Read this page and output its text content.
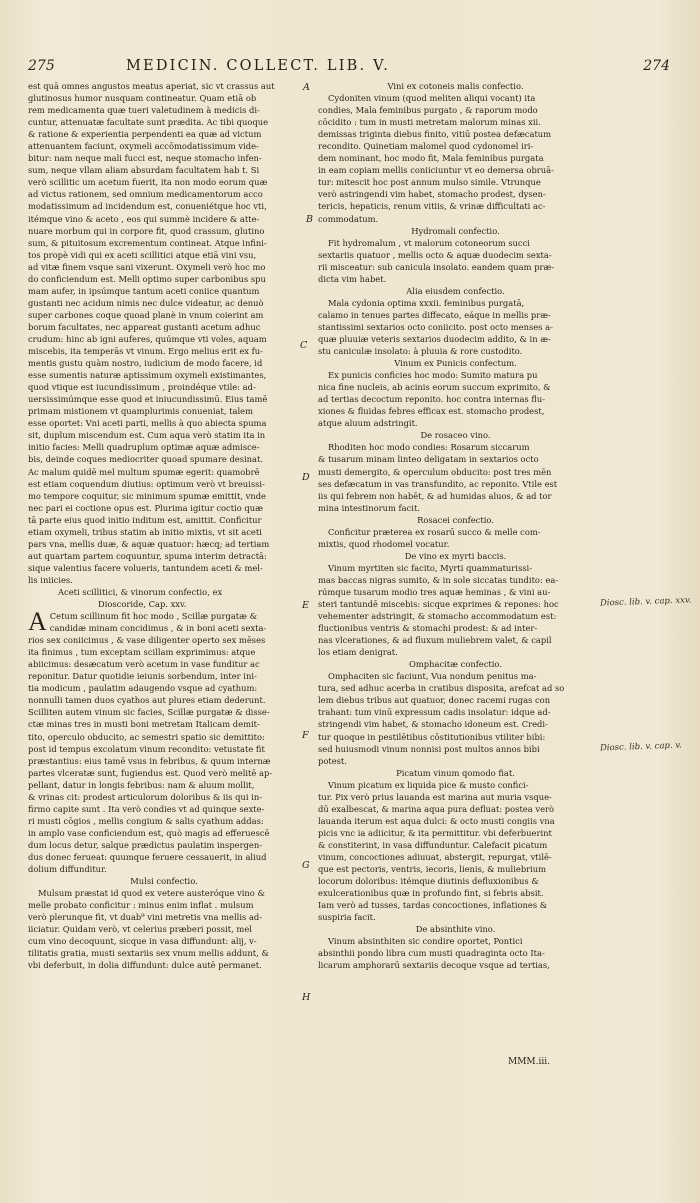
275	MEDICIN. COLLECT. LIB. V.	274
est quā omnes angustos meatus aperiat, sic vt crassus aut
glutinosus humor nusquam contineatur. Quam etiā ob
rem medicamenta quæ tueri valetudinem à medicis di-
cuntur, attenuatæ facultate sunt prædita. Ac tibi quoque
& ratione & experientia perpendenti ea quæ ad victum
attenuantem faciunt, oxymeli accōmodatissimum vide-
bitur: nam neque mali fucci est, neque stomacho infen-
sum, neque vllam aliam absurdam facultatem hab t. Si
verò scillitic um acetum fuerit, ita non modo eorum quæ
ad victus rationem, sed omnium medicamentorum acco
modatissimum ad incidendum est, conueniétque hoc vti,
itémque vino & aceto , eos qui summè incidere & atte-
nuare morbum qui in corpore fit, quod crassum, glutino
sum, & pituitosum excrementum contineat. Atque infini-
tos propè vidi qui ex aceti scillitici atque etiā vini vsu,
ad vitæ finem vsque sani vixerunt. Oxymeli verò hoc mo
do conficiendum est. Melli optimo super carbonibus spu
mam aufer, in ipsúmque tantum aceti coniice quantum
gustanti nec acidum nimis nec dulce videatur, ac denuò
super carbones coque quoad planè in vnum coierint am
borum facultates, nec appareat gustanti acetum adhuc
crudum: hinc ab igni auferes, quúmque vti voles, aquam
miscebis, ita temperās vt vinum. Ergo melius erit ex fu-
mentis gustu quàm nostro, iudicium de modo facere, id
esse sumentis naturæ aptissimum oxymeli existimantes,
quod vtique est iucundissimum , proindéque vtile: ad-
uersissimúmque esse quod et iniucundissimū. Eius tamē
primam mistionem vt quamplurimis conueniat, talem
esse oportet: Vni aceti parti, mellis à quo abiecta spuma
sit, duplum miscendum est. Cum aqua verò statim ita in
initio facies: Melli quadruplum optimæ aquæ admisce-
bis, deinde coques mediocriter quoad spumare desinat.
Ac malum quidē mel multum spumæ egerit: quamobrē
est etiam coquendum diutius: optimum verò vt breuissi-
mo tempore coquitur, sic minimum spumæ emittit, vnde
nec pari ei coctione opus est. Plurima igitur coctio quæ
tā parte eius quod initio inditum est, amittit. Conficitur
etiam oxymeli, tribus statim ab initio mixtis, vt sit aceti
pars vna, mellis duæ, & aquæ quatuor: hæcq; ad tertiam
aut quartam partem coquuntur, spuma interim detractā:
sique valentius facere volueris, tantundem aceti & mel-
lis iniicies.
Aceti scillitici, & vinorum confectio, ex
Dioscoride, Cap. xxv.
A Cetum scillinum fit hoc modo , Scillæ purgatæ &
candidæ minam concidimus , & in boni aceti sexta-
rios sex coniicimus , & vase diligenter operto sex mēses
ita finimus , tum exceptam scillam exprimimus: atque
abiicimus: desæcatum verò acetum in vase funditur ac
reponitur. Datur quotidie ieiunis sorbendum, inter ini-
tia modicum , paulatim adaugendo vsque ad cyathum:
nonnulli tamen duos cyathos aut plures etiam dederunt.
Scilliten autem vinum sic facies, Scillæ purgatæ & disse-
ctæ minas tres in musti boni metretam Italicam demit-
tito, operculo obducito, ac semestri spatio sic demittito:
post id tempus excolatum vinum recondito: vetustate fit
præstantius: eius tamē vsus in febribus, & quum internæ
partes vlceratæ sunt, fugiendus est. Quod verò melitē ap-
pellant, datur in longis febribus: nam & aluum mollit,
& vrinas cit: prodest articulorum doloribus & iis qui in-
firmo capite sunt . Ita verò condies vt ad quinque sexte-
ri musti cōgios , mellis congium & salis cyathum addas:
in amplo vase conficiendum est, quò magis ad efferuescē
dum locus detur, salque prædictus paulatim inspergen-
dus donec ferueat: quumque feruere cessauerit, in aliud
dolium diffunditur.
Mulsi confectio.
Mulsum præstat id quod ex vetere austeróque vino &
melle probato conficitur : minus enim inflat . mulsum
verò plerunque fit, vt duab⁹ vini metretis vna mellis ad-
iiciatur. Quidam verò, vt celerius præberi possit, mel
cum vino decoquunt, sicque in vasa diffundunt: alij, v-
tilitatis gratia, musti sextariis sex vnum mellis addunt, &
vbi deferbuit, in dolia diffundunt: dulce autē permanet.
Vini ex cotoneis malis confectio.
Cydoniten vinum (quod meliten aliqui vocant) ita
condies, Mala feminibus purgato , & raporum modo
cōcidito : tum in musti metretam malorum minas xii.
demissas triginta diebus finito, vitiū postea defæcatum
recondito. Quinetiam malomel quod cydonomel iri-
dem nominant, hoc modo fit, Mala feminibus purgata
in eam copiam mellis coniiciuntur vt eo demersa obruā-
tur: mitescit hoc post annum mulso simile. Vtrunque
verò astringendi vim habet, stomacho prodest, dysen-
tericis, hepaticis, renum vitiis, & vrinæ difficultati ac-
commodatum.
Hydromali confectio.
Fit hydromalum , vt malorum cotoneorum succi
sextariis quatuor , mellis octo & aquæ duodecim sexta-
rii misceatur: sub canicula insolato. eandem quam præ-
dicta vim habet.
Alia eiusdem confectio.
Mala cydonia optima xxxii. feminibus purgatā,
calamo in tenues partes diffecato, eáque in mellis præ-
stantissimi sextarios octo coniicito. post octo menses a-
quæ pluuiæ veteris sextarios duodecim addito, & in æ-
stu caniculæ insolato: à pluuia & rore custodito.
Vinum ex Punicis confectum.
Ex punicis conficies hoc modo: Sumito matura pu
nica fine nucleis, ab acinis eorum succum exprimito, &
ad tertias decoctum reponito. hoc contra internas flu-
xiones & fluidas febres efficax est. stomacho prodest,
atque aluum adstringit.
De rosaceo vino.
Rhoditen hoc modo condies: Rosarum siccarum
& tusarum minam linteo deligatam in sextarios octo
musti demergito, & operculum obducito: post tres mēn
ses defæcatum in vas transfundito, ac reponito. Vtile est
iis qui febrem non habēt, & ad humidas aluos, & ad tor
mina intestinorum facit.
Rosacei confectio.
Conficitur præterea ex rosarū succo & melle com-
mixtis, quod rhodomel vocatur.
De vino ex myrti baccis.
Vinum myrtiten sic facito, Myrti quammaturissi-
mas baccas nigras sumito, & in sole siccatas tundito: ea-
rúmque tusarum modio tres aquæ heminas , & vini au-
steri tantundē miscebis: sicque exprimes & repones: hoc
vehementer adstringit, & stomacho accommodatum est:
fluctionibus ventris & stomachi prodest: & ad inter-
nas vlcerationes, & ad fluxum muliebrem valet, & capil
los etiam denigrat.
Omphacitæ confectio.
Omphaciten sic faciunt, Vua nondum penitus ma-
tura, sed adhuc acerba in cratibus disposita, arefcat ad so
lem diebus tribus aut quatuor, donec racemi rugas con
trahant: tum vinū expressum cadis insolatur: idque ad-
stringendi vim habet, & stomacho idoneum est. Credi-
tur quoque in pestilētibus cōstitutionibus vtiliter bibi:
sed huiusmodi vinum nonnisi post multos annos bibi
potest.
Picatum vinum qomodo fiat.
Vinum picatum ex liquida pice & musto confici-
tur. Pix verò prius lauanda est marina aut muria vsque-
dū exalbescat, & marina aqua pura defluat: postea verò
lauanda iterum est aqua dulci: & octo musti congiis vna
picis vnc ia adiicitur, & ita permittitur. vbi deferbuerint
& constiterint, in vasa diffunduntur. Calefacit picatum
vinum, concoctiones adiuuat, abstergit, repurgat, vtilē-
que est pectoris, ventris, iecoris, lienis, & muliebrium
locorum doloribus: itémque diutinis defluxionibus &
exulcerationibus quæ in profundo fint, si febris absit.
Iam verò ad tusses, tardas concoctiones, inflationes &
suspiria facit.
De absinthite vino.
Vinum absinthiten sic condire oportet, Pontici
absinthii pondo libra cum musti quadraginta octo Ita-
licarum amphorarū sextariis decoque vsque ad tertias,
A
B
C
D
E
F
G
H
Diosc. lib. v. cap. xxv.
Diosc. lib. v. cap. v.
MMM.iii.
